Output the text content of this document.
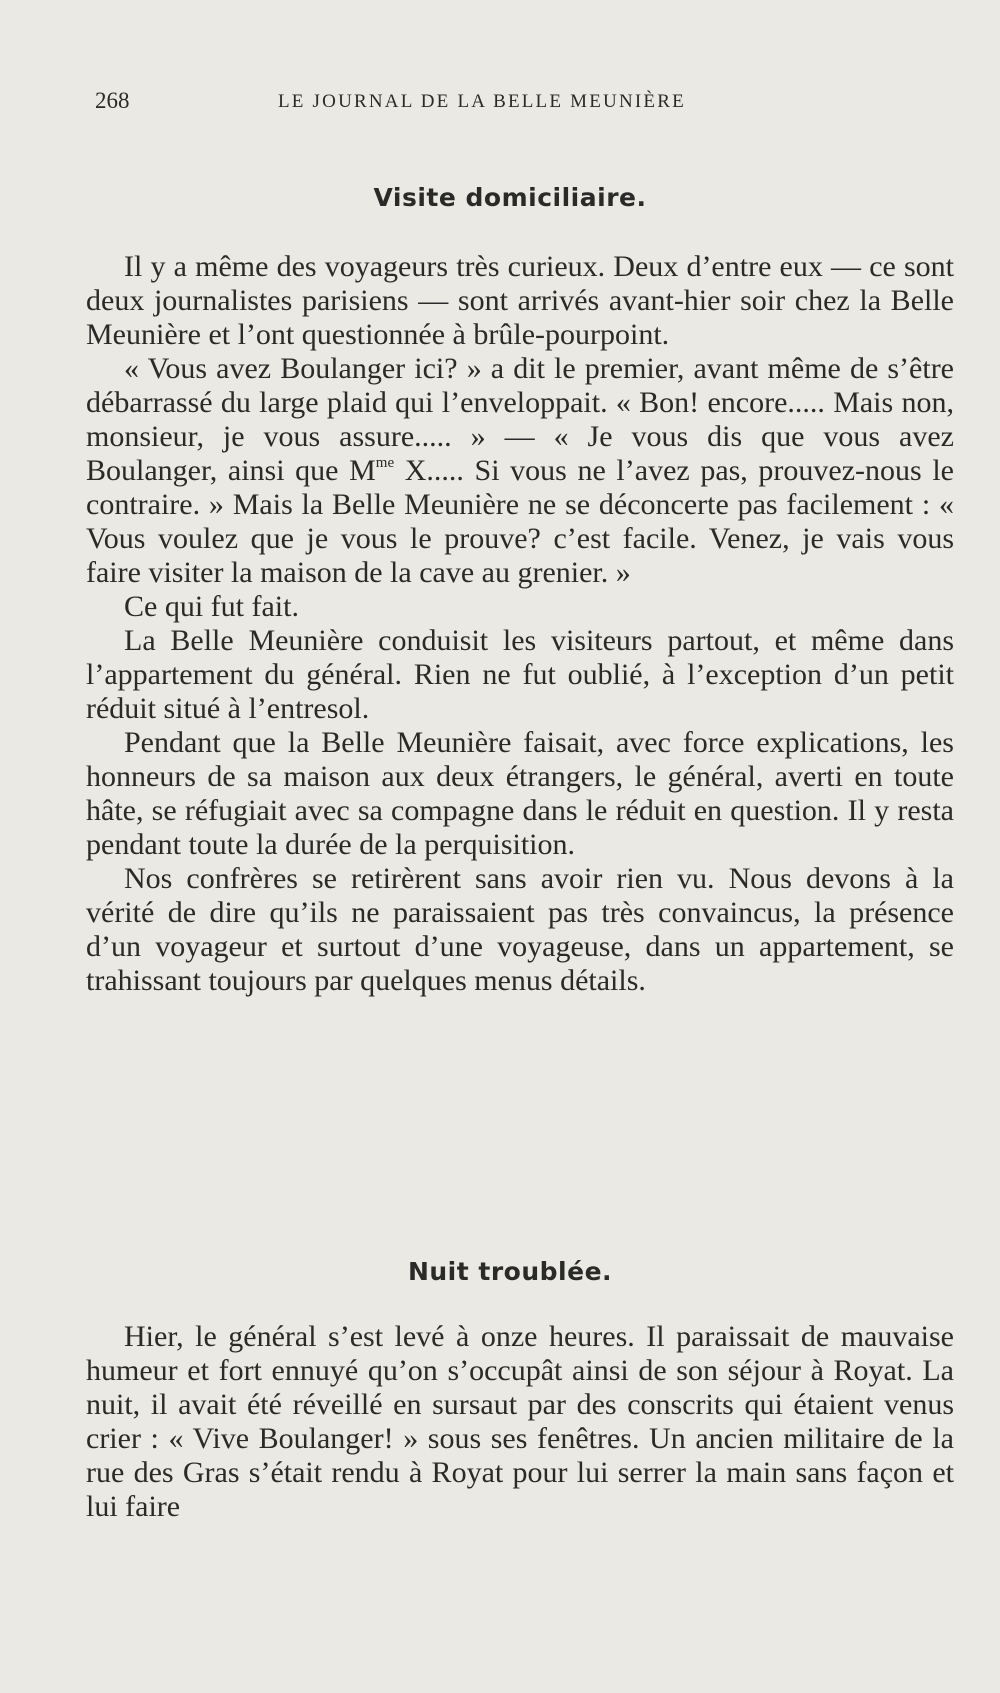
268	LE JOURNAL DE LA BELLE MEUNIÈRE
Visite domiciliaire.

Il y a même des voyageurs très curieux. Deux d’entre eux — ce sont deux journalistes parisiens — sont arrivés avant-hier soir chez la Belle Meunière et l’ont questionnée à brûle-pourpoint.

« Vous avez Boulanger ici? » a dit le premier, avant même de s’être débarrassé du large plaid qui l’enveloppait. « Bon! encore..... Mais non, monsieur, je vous assure..... » — « Je vous dis que vous avez Boulanger, ainsi que $M^{me}$ X..... Si vous ne l’avez pas, prouvez-nous le contraire. » Mais la Belle Meunière ne se déconcerte pas facilement : « Vous voulez que je vous le prouve? c’est facile. Venez, je vais vous faire visiter la maison de la cave au grenier. »

Ce qui fut fait.

La Belle Meunière conduisit les visiteurs partout, et même dans l’appartement du général. Rien ne fut oublié, à l’exception d’un petit réduit situé à l’entresol.

Pendant que la Belle Meunière faisait, avec force explications, les honneurs de sa maison aux deux étrangers, le général, averti en toute hâte, se réfugiait avec sa compagne dans le réduit en question. Il y resta pendant toute la durée de la perquisition.

Nos confrères se retirèrent sans avoir rien vu. Nous devons à la vérité de dire qu’ils ne paraissaient pas très convaincus, la présence d’un voyageur et surtout d’une voyageuse, dans un appartement, se trahissant toujours par quelques menus détails.

Nuit troublée.

Hier, le général s’est levé à onze heures. Il paraissait de mauvaise humeur et fort ennuyé qu’on s’occupât ainsi de son séjour à Royat. La nuit, il avait été réveillé en sursaut par des conscrits qui étaient venus crier : « Vive Boulanger! » sous ses fenêtres. Un ancien militaire de la rue des Gras s’était rendu à Royat pour lui serrer la main sans façon et lui faire
